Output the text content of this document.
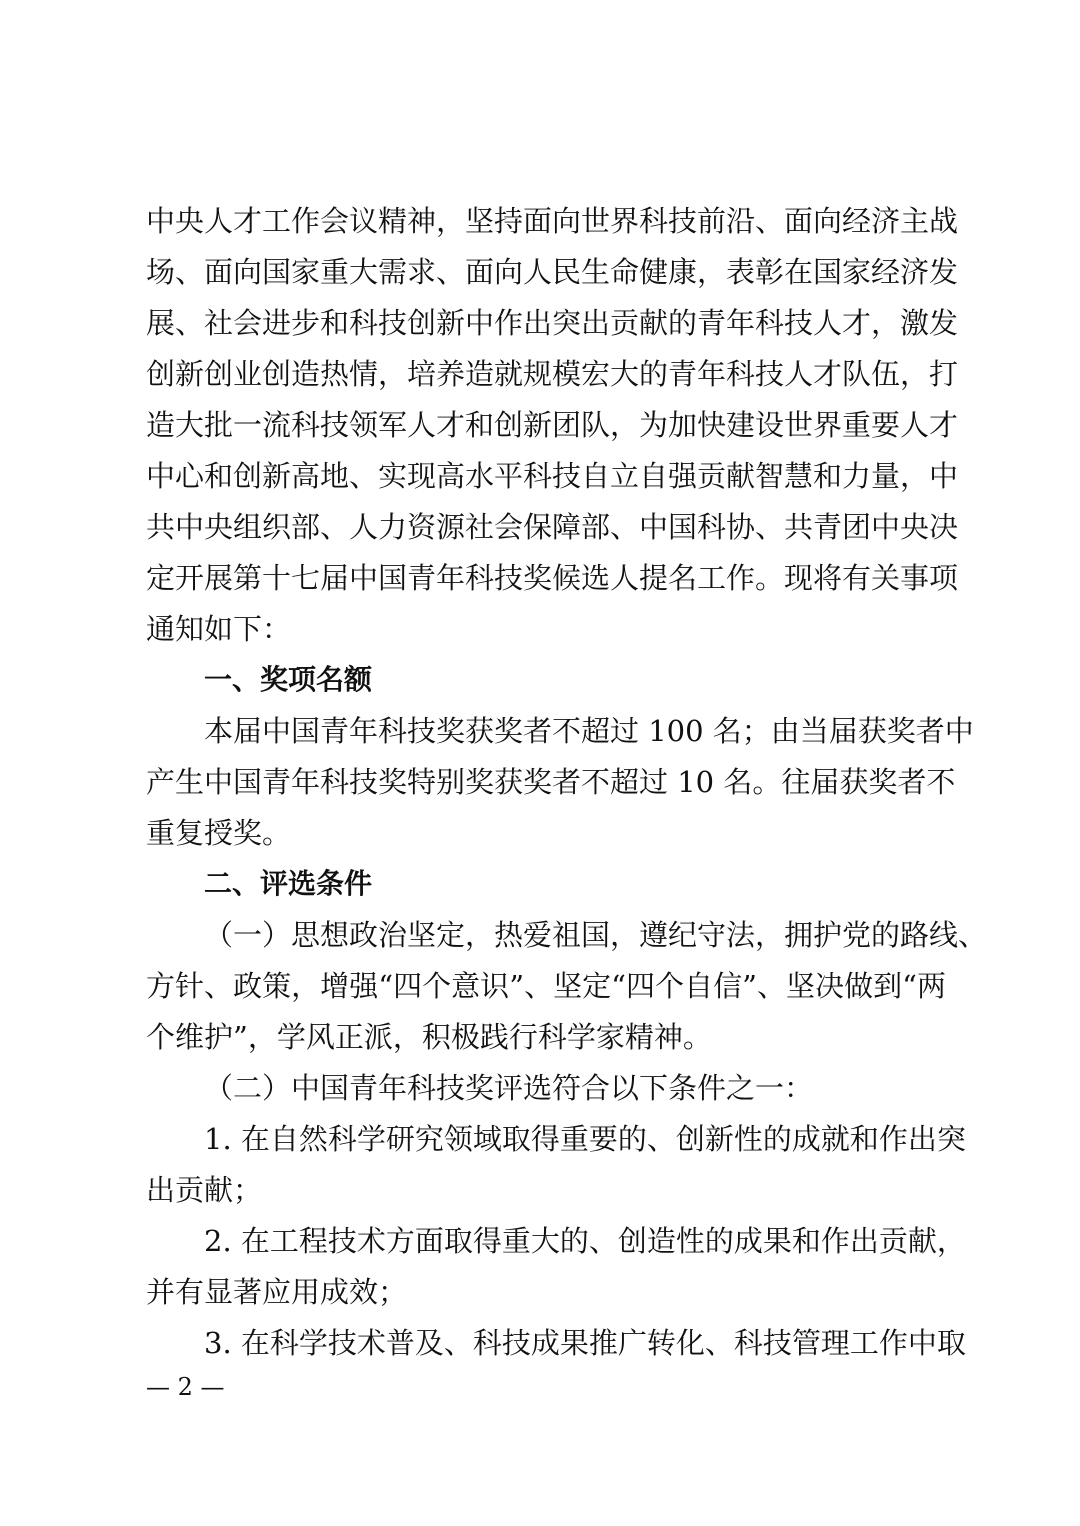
中央人才工作会议精神，坚持面向世界科技前沿、面向经济主战
场、面向国家重大需求、面向人民生命健康，表彰在国家经济发
展、社会进步和科技创新中作出突出贡献的青年科技人才，激发
创新创业创造热情，培养造就规模宏大的青年科技人才队伍，打
造大批一流科技领军人才和创新团队，为加快建设世界重要人才
中心和创新高地、实现高水平科技自立自强贡献智慧和力量，中
共中央组织部、人力资源社会保障部、中国科协、共青团中央决
定开展第十七届中国青年科技奖候选人提名工作。现将有关事项
通知如下：
一、奖项名额
本届中国青年科技奖获奖者不超过 100 名；由当届获奖者中
产生中国青年科技奖特别奖获奖者不超过 10 名。往届获奖者不
重复授奖。
二、评选条件
（一）思想政治坚定，热爱祖国，遵纪守法，拥护党的路线、
方针、政策，增强“四个意识”、坚定“四个自信”、坚决做到“两
个维护”，学风正派，积极践行科学家精神。
（二）中国青年科技奖评选符合以下条件之一：
1. 在自然科学研究领域取得重要的、创新性的成就和作出突
出贡献；
2. 在工程技术方面取得重大的、创造性的成果和作出贡献，
并有显著应用成效；
3. 在科学技术普及、科技成果推广转化、科技管理工作中取
— 2 —
